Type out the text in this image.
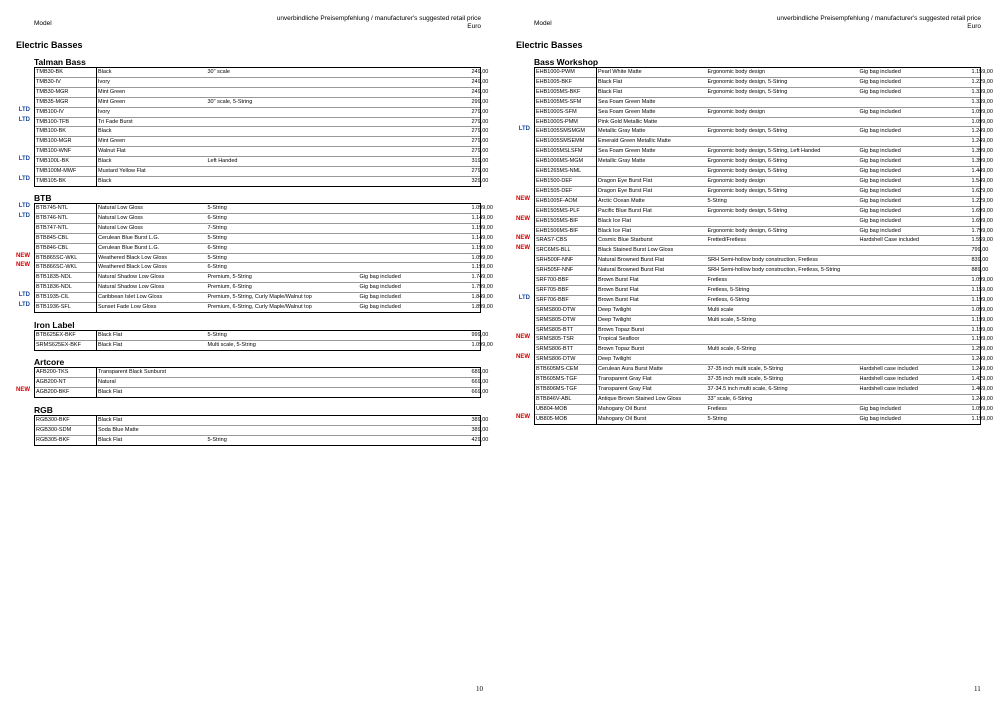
Model
unverbindliche Preisempfehlung / manufacturer's suggested retail price
Euro
Electric Basses
Talman Bass
TMB30-BK	Black	30" scale		249,00
TMB30-IV	Ivory			249,00
TMB30-MGR	Mint Green			249,00
TMB35-MGR	Mint Green	30" scale, 5-String		299,00
TMB100-IV	Ivory			279,00
TMB100-TFB	Tri Fade Burst			279,00
TMB100-BK	Black			279,00
TMB100-MGR	Mint Green			279,00
TMB100-WNF	Walnut Flat			279,00
TMB100L-BK	Black	Left Handed		319,00
TMB100M-MWF	Mustard Yellow Flat			279,00
TMB105-BK	Black			329,00
LTD
LTD
LTD
LTD
BTB
BTB745-NTL	Natural Low Gloss	5-String		1.099,00
BTB746-NTL	Natural Low Gloss	6-String		1.149,00
BTB747-NTL	Natural Low Gloss	7-String		1.199,00
BTB845-CBL	Cerulean Blue Burst L.G.	5-String		1.149,00
BTB846-CBL	Cerulean Blue Burst L.G.	6-String		1.199,00
BTB865SC-WKL	Weathered Black Low Gloss	5-String		1.099,00
BTB866SC-WKL	Weathered Black Low Gloss	6-String		1.199,00
BTB1835-NDL	Natural Shadow Low Gloss	Premium, 5-String	Gig bag included	1.749,00
BTB1836-NDL	Natural Shadow Low Gloss	Premium, 6-String	Gig bag included	1.799,00
BTB1935-CIL	Caribbean Islet Low Gloss	Premium, 5-String, Curly Maple/Walnut top	Gig bag included	1.849,00
BTB1936-SFL	Sunset Fade Low Gloss	Premium, 6-String, Curly Maple/Walnut top	Gig bag included	1.899,00
LTD
LTD
NEW
NEW
LTD
LTD
Iron Label
BTB625EX-BKF	Black Flat	5-String		999,00
SRMS625EX-BKF	Black Flat	Multi scale, 5-String		1.099,00
Artcore
AFB200-TKS	Transparent Black Sunburst			689,00
AGB200-NT	Natural			669,00
AGB200-BKF	Black Flat			669,00
NEW
RGB
RGB300-BKF	Black Flat			389,00
RGB300-SDM	Soda Blue Matte			389,00
RGB305-BKF	Black Flat	5-String		429,00
10
Model
unverbindliche Preisempfehlung / manufacturer's suggested retail price
Euro
Electric Basses
Bass Workshop
EHB1000-PWM	Pearl White Matte	Ergonomic body design	Gig bag included	1.159,00
EHB1005-BKF	Black Flat	Ergonomic body design, 5-String	Gig bag included	1.229,00
EHB1005MS-BKF	Black Flat	Ergonomic body design, 5-String	Gig bag included	1.339,00
EHB1005MS-SFM	Sea Foam Green Matte			1.339,00
EHB1000S-SFM	Sea Foam Green Matte	Ergonomic body design	Gig bag included	1.099,00
EHB1000S-PMM	Pink Gold Metallic Matte			1.099,00
EHB1005SMSMGM	Metallic Gray Matte	Ergonomic body design, 5-String	Gig bag included	1.249,00
EHB1005SMSEMM	Emerald Green Metallic Matte			1.249,00
EHB1005MSLSFM	Sea Foam Green Matte	Ergonomic body design, 5-String, Left Handed	Gig bag included	1.399,00
EHB1006MS-MGM	Metallic Gray Matte	Ergonomic body design, 6-String	Gig bag included	1.399,00
EHB1265MS-NML		Ergonomic body design, 5-String	Gig bag included	1.449,00
EHB1500-DEF	Dragon Eye Burst Flat	Ergonomic body design	Gig bag included	1.549,00
EHB1505-DEF	Dragon Eye Burst Flat	Ergonomic body design, 5-String	Gig bag included	1.629,00
EHB1005F-AOM	Arctic Ocean Matte	5-String	Gig bag included	1.229,00
EHB1505MS-PLF	Pacific Blue Burst Flat	Ergonomic body design, 5-String	Gig bag included	1.699,00
EHB1505MS-BIF	Black Ice Flat		Gig bag included	1.699,00
EHB1506MS-BIF	Black Ice Flat	Ergonomic body design, 6-String	Gig bag included	1.799,00
SRAS7-CBS	Cosmic Blue Starburst	Fretted/Fretless	Hardshell Case included	1.559,00
SRC6MS-BLL	Black Stained Burst Low Gloss			799,00
SRH500F-NNF	Natural Browned Burst Flat	SRH Semi-hollow body construction, Fretless		839,00
SRH505F-NNF	Natural Browned Burst Flat	SRH Semi-hollow body construction, Fretless, 5-String		889,00
SRF700-BBF	Brown Burst Flat	Fretless		1.099,00
SRF705-BBF	Brown Burst Flat	Fretless, 5-String		1.159,00
SRF706-BBF	Brown Burst Flat	Fretless, 6-String		1.199,00
SRMS800-DTW	Deep Twilight	Multi scale		1.099,00
SRMS805-DTW	Deep Twilight	Multi scale, 5-String		1.199,00
SRMS805-BTT	Brown Topaz Burst			1.199,00
SRMS805-TSR	Tropical Seafloor			1.199,00
SRMS806-BTT	Brown Topaz Burst	Multi scale, 6-String		1.299,00
SRMS806-DTW	Deep Twilight			1.249,00
BTB605MS-CEM	Cerulean Aura Burst Matte	37-35 inch multi scale, 5-String	Hardshell case included	1.249,00
BTB605MS-TGF	Transparent Gray Flat	37-35 inch multi scale, 5-String	Hardshell case included	1.429,00
BTB806MS-TGF	Transparent Gray Flat	37-34.5 inch multi scale, 6-String	Hardshell case included	1.469,00
BTB846V-ABL	Antique Brown Stained Low Gloss	33" scale, 6-String		1.249,00
UB804-MOB	Mahogany Oil Burst	Fretless	Gig bag included	1.099,00
UB805-MOB	Mahogany Oil Burst	5-String	Gig bag included	1.199,00
LTD
NEW
NEW
NEW
NEW
LTD
NEW
NEW
NEW
11
